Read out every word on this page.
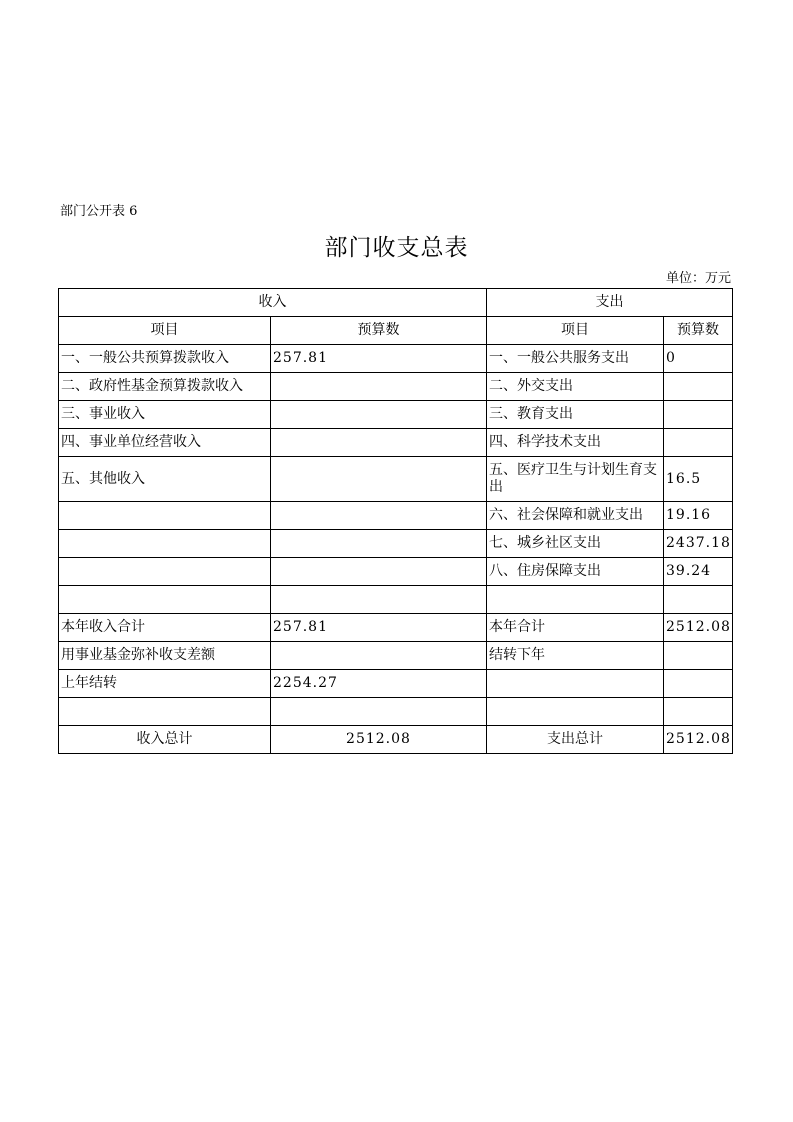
部门公开表 6
部门收支总表
单位：万元
收入		支出	
项目	预算数	项目	预算数
一、一般公共预算拨款收入	257.81	一、一般公共服务支出	0
二、政府性基金预算拨款收入		二、外交支出	
三、事业收入		三、教育支出	
四、事业单位经营收入		四、科学技术支出	
五、其他收入		五、医疗卫生与计划生育支出	16.5
		六、社会保障和就业支出	19.16
		七、城乡社区支出	2437.18
		八、住房保障支出	39.24

本年收入合计	257.81	本年合计	2512.08
用事业基金弥补收支差额		结转下年	
上年结转	2254.27		

收入总计	2512.08	支出总计	2512.08
